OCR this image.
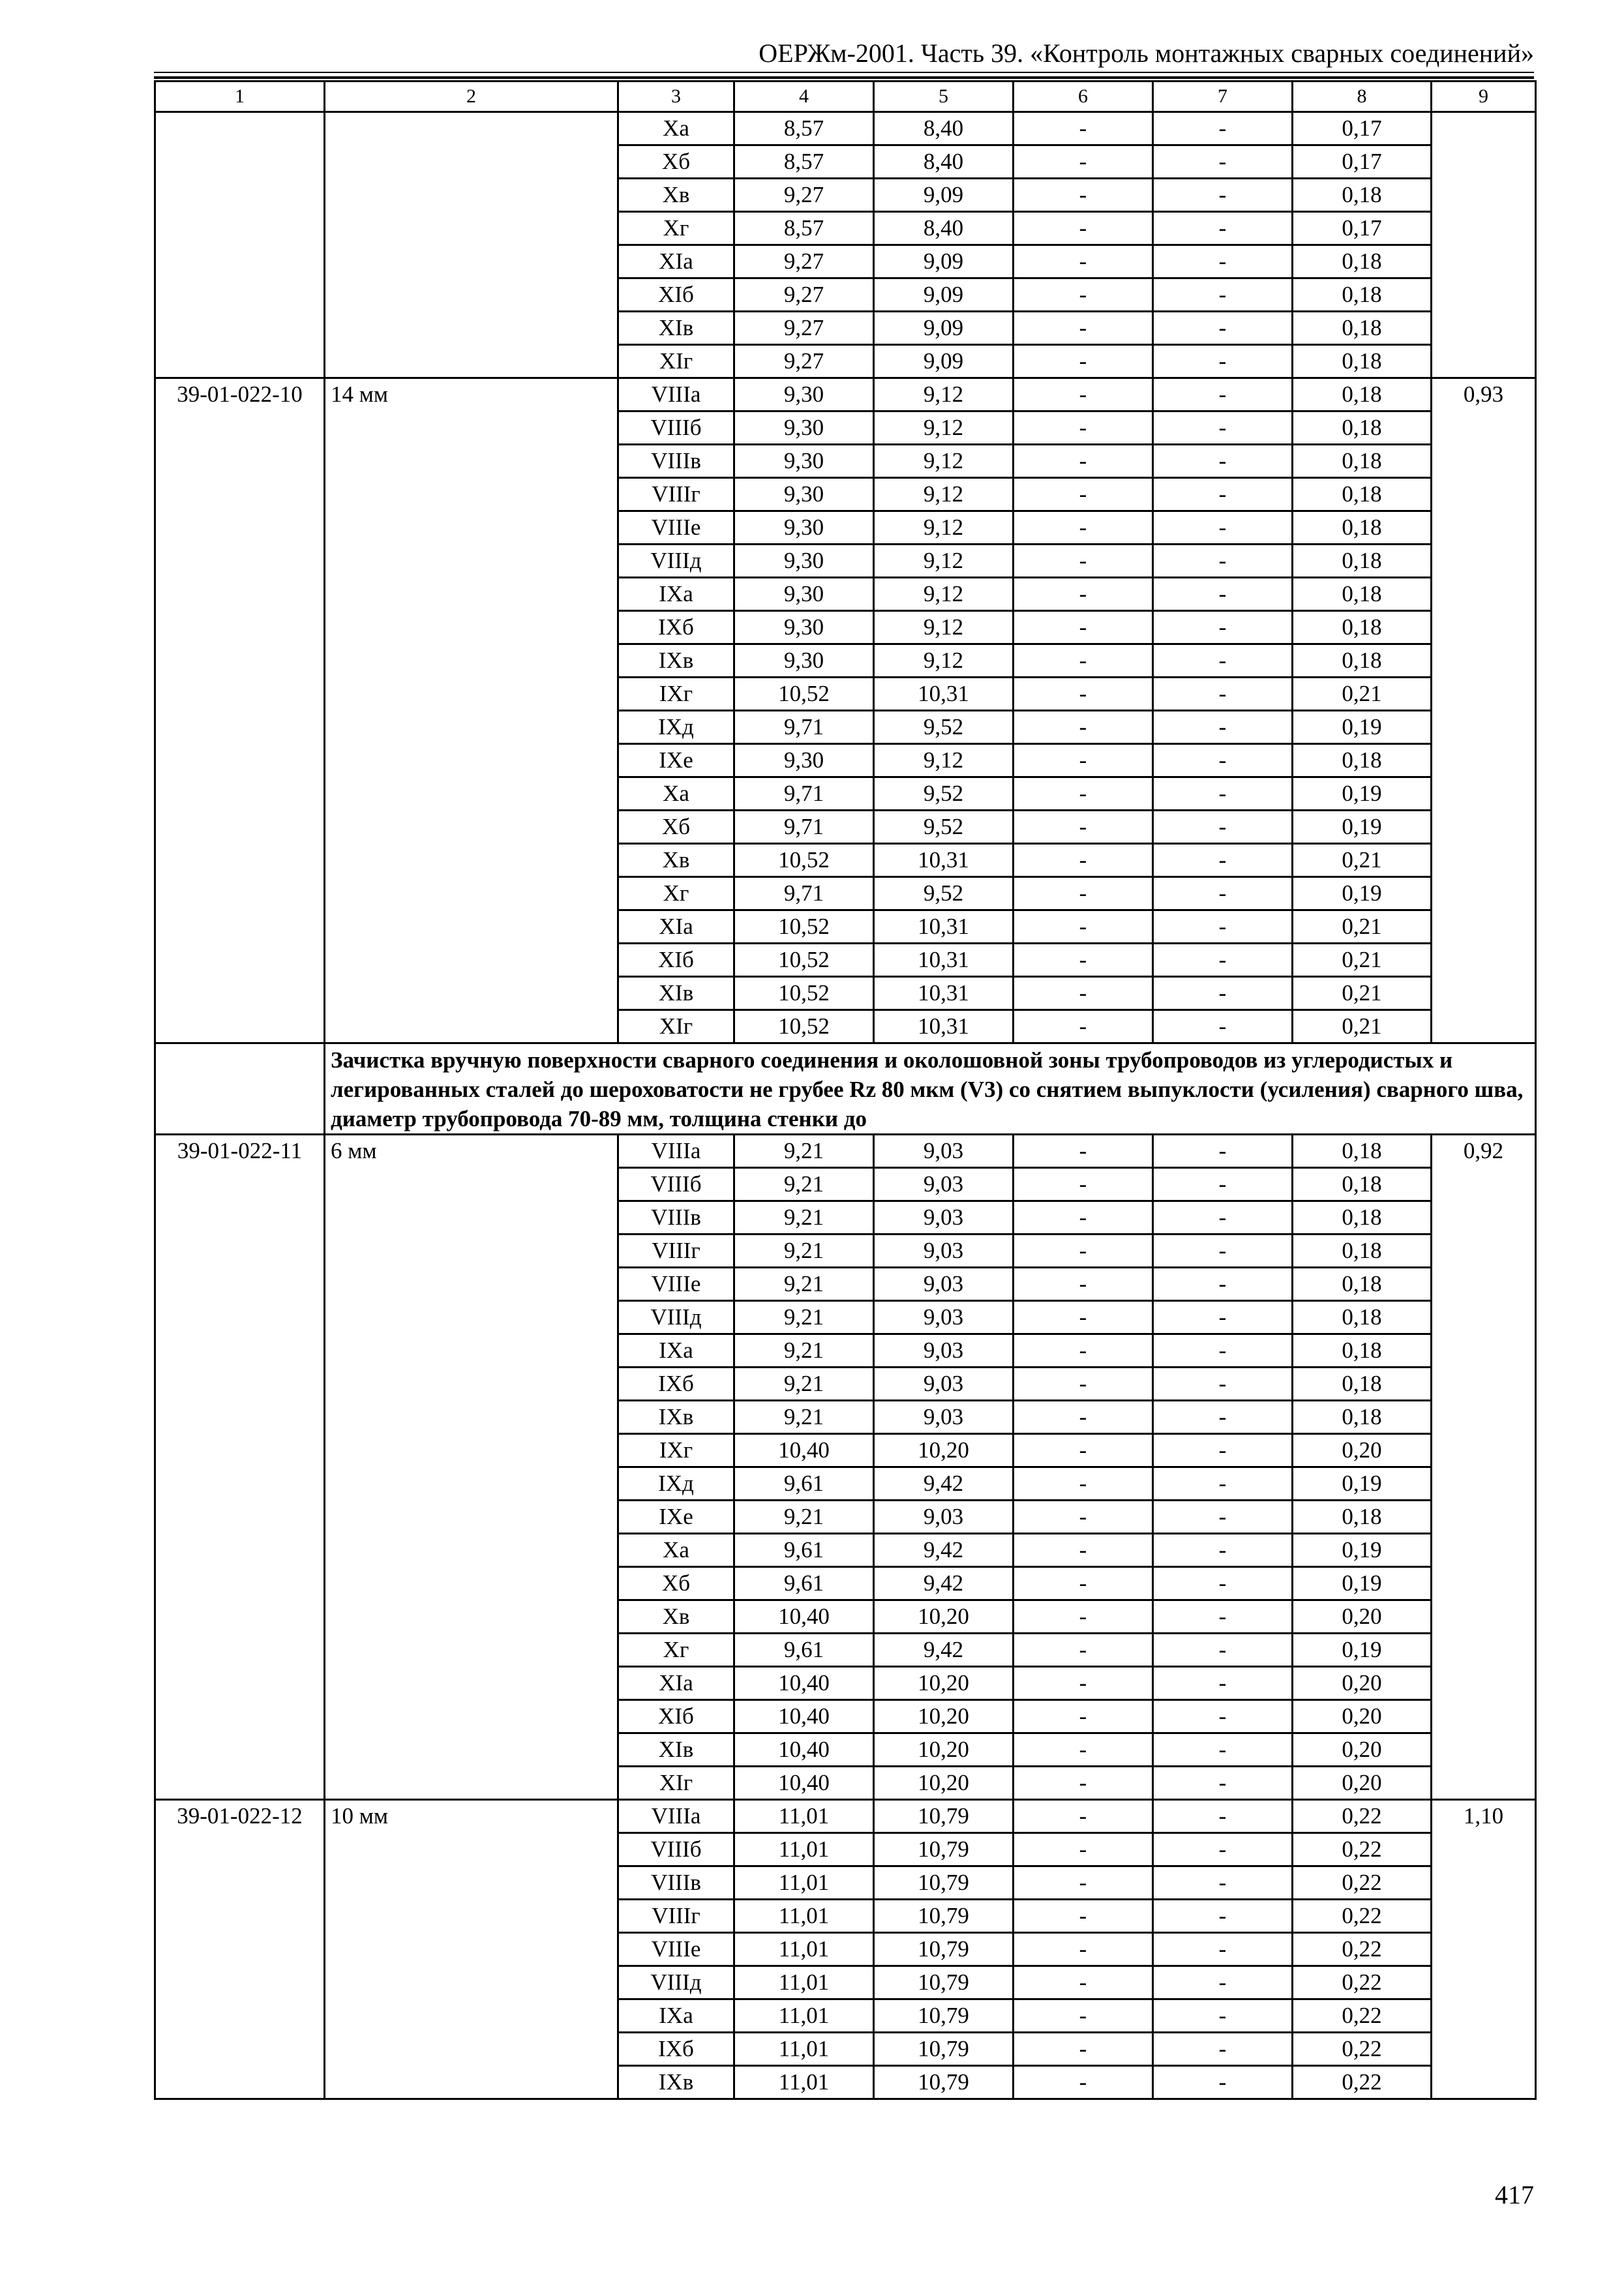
ОЕРЖм-2001. Часть 39. «Контроль монтажных сварных соединений»
1	2	3	4	5	6	7	8	9
		Xa	8,57	8,40	-	-	0,17	
		Xб	8,57	8,40	-	-	0,17	
		Xв	9,27	9,09	-	-	0,18	
		Xг	8,57	8,40	-	-	0,17	
		XIa	9,27	9,09	-	-	0,18	
		XIб	9,27	9,09	-	-	0,18	
		XIв	9,27	9,09	-	-	0,18	
		XIг	9,27	9,09	-	-	0,18	
39-01-022-10	14 мм	VIIIa	9,30	9,12	-	-	0,18	0,93
		VIIIб	9,30	9,12	-	-	0,18	
		VIIIв	9,30	9,12	-	-	0,18	
		VIIIг	9,30	9,12	-	-	0,18	
		VIIIe	9,30	9,12	-	-	0,18	
		VIIIд	9,30	9,12	-	-	0,18	
		IXa	9,30	9,12	-	-	0,18	
		IXб	9,30	9,12	-	-	0,18	
		IXв	9,30	9,12	-	-	0,18	
		IXг	10,52	10,31	-	-	0,21	
		IXд	9,71	9,52	-	-	0,19	
		IXe	9,30	9,12	-	-	0,18	
		Xa	9,71	9,52	-	-	0,19	
		Xб	9,71	9,52	-	-	0,19	
		Xв	10,52	10,31	-	-	0,21	
		Xг	9,71	9,52	-	-	0,19	
		XIa	10,52	10,31	-	-	0,21	
		XIб	10,52	10,31	-	-	0,21	
		XIв	10,52	10,31	-	-	0,21	
		XIг	10,52	10,31	-	-	0,21	
	Зачистка вручную поверхности сварного соединения и околошовной зоны трубопроводов из углеродистых и легированных сталей до шероховатости не грубее Rz 80 мкм (V3) со снятием выпуклости (усиления) сварного шва, диаметр трубопровода 70-89 мм, толщина стенки до							
39-01-022-11	6 мм	VIIIa	9,21	9,03	-	-	0,18	0,92
		VIIIб	9,21	9,03	-	-	0,18	
		VIIIв	9,21	9,03	-	-	0,18	
		VIIIг	9,21	9,03	-	-	0,18	
		VIIIe	9,21	9,03	-	-	0,18	
		VIIIд	9,21	9,03	-	-	0,18	
		IXa	9,21	9,03	-	-	0,18	
		IXб	9,21	9,03	-	-	0,18	
		IXв	9,21	9,03	-	-	0,18	
		IXг	10,40	10,20	-	-	0,20	
		IXд	9,61	9,42	-	-	0,19	
		IXe	9,21	9,03	-	-	0,18	
		Xa	9,61	9,42	-	-	0,19	
		Xб	9,61	9,42	-	-	0,19	
		Xв	10,40	10,20	-	-	0,20	
		Xг	9,61	9,42	-	-	0,19	
		XIa	10,40	10,20	-	-	0,20	
		XIб	10,40	10,20	-	-	0,20	
		XIв	10,40	10,20	-	-	0,20	
		XIг	10,40	10,20	-	-	0,20	
39-01-022-12	10 мм	VIIIa	11,01	10,79	-	-	0,22	1,10
		VIIIб	11,01	10,79	-	-	0,22	
		VIIIв	11,01	10,79	-	-	0,22	
		VIIIг	11,01	10,79	-	-	0,22	
		VIIIe	11,01	10,79	-	-	0,22	
		VIIIд	11,01	10,79	-	-	0,22	
		IXa	11,01	10,79	-	-	0,22	
		IXб	11,01	10,79	-	-	0,22	
		IXв	11,01	10,79	-	-	0,22	
417
